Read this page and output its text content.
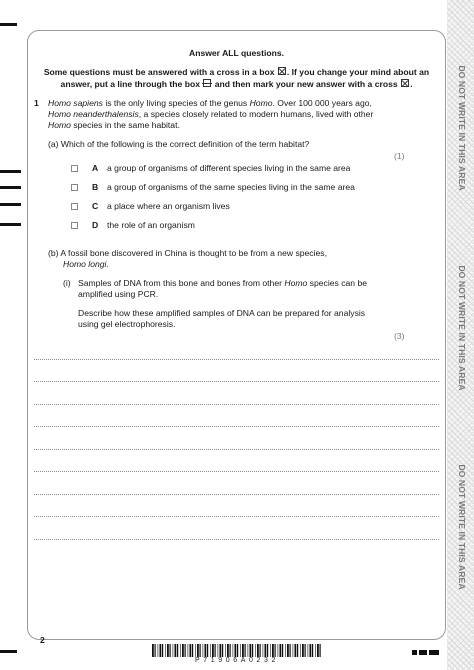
DO NOT WRITE IN THIS AREA
DO NOT WRITE IN THIS AREA
DO NOT WRITE IN THIS AREA
Answer ALL questions.
Some questions must be answered with a cross in a box ☒. If you change your mind about an
answer, put a line through the box and then mark your new answer with a cross ☒.
1 Homo sapiens is the only living species of the genus Homo. Over 100 000 years ago,
Homo neanderthalensis, a species closely related to modern humans, lived with other
Homo species in the same habitat.
(a) Which of the following is the correct definition of the term habitat?
(1)
A a group of organisms of different species living in the same area
B a group of organisms of the same species living in the same area
C a place where an organism lives
D the role of an organism
(b) A fossil bone discovered in China is thought to be from a new species,
Homo longi.
(i) Samples of DNA from this bone and bones from other Homo species can be
amplified using PCR.
Describe how these amplified samples of DNA can be prepared for analysis
using gel electrophoresis.
(3)
2
P71906A0232
